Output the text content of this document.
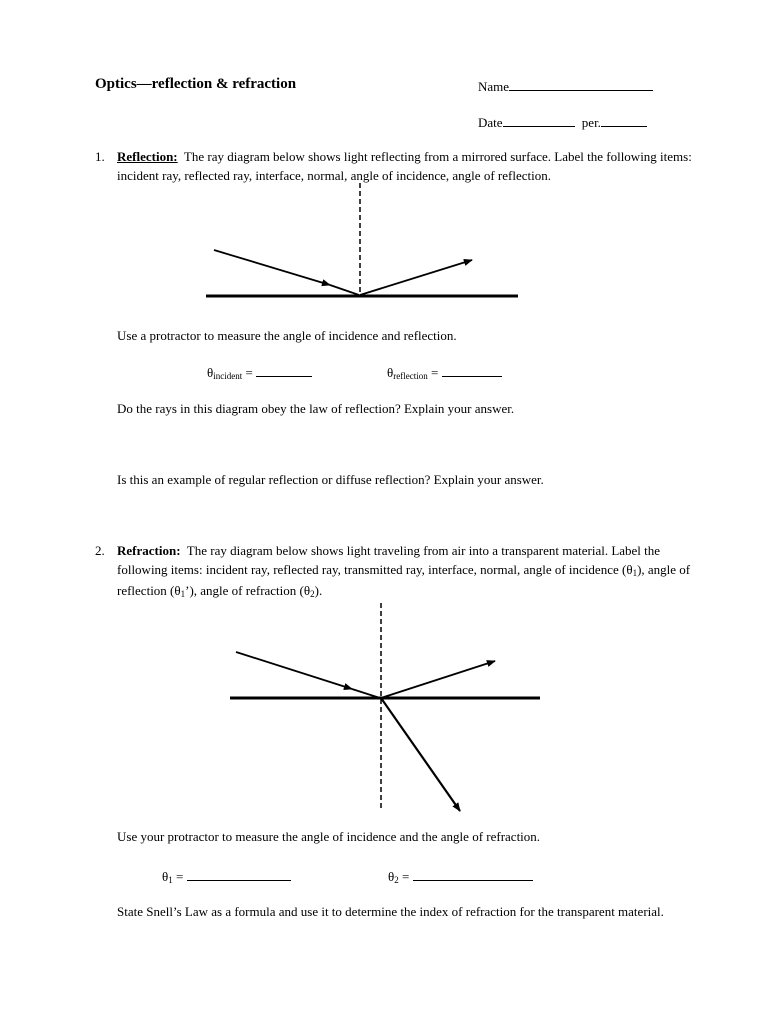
Optics—reflection & refraction	Name
Date	per.
1. Reflection: The ray diagram below shows light reflecting from a mirrored surface. Label the following items: incident ray, reflected ray, interface, normal, angle of incidence, angle of reflection.
Use a protractor to measure the angle of incidence and reflection.
$\theta_{incident}$ =	$\theta_{reflection}$ =
Do the rays in this diagram obey the law of reflection? Explain your answer.
Is this an example of regular reflection or diffuse reflection? Explain your answer.
2. Refraction: The ray diagram below shows light traveling from air into a transparent material. Label the following items: incident ray, reflected ray, transmitted ray, interface, normal, angle of incidence $(\theta_1)$, angle of reflection $(\theta_1’)$, angle of refraction $(\theta_2)$.
Use your protractor to measure the angle of incidence and the angle of refraction.
$\theta_1$ =	$\theta_2$ =
State Snell’s Law as a formula and use it to determine the index of refraction for the transparent material.
